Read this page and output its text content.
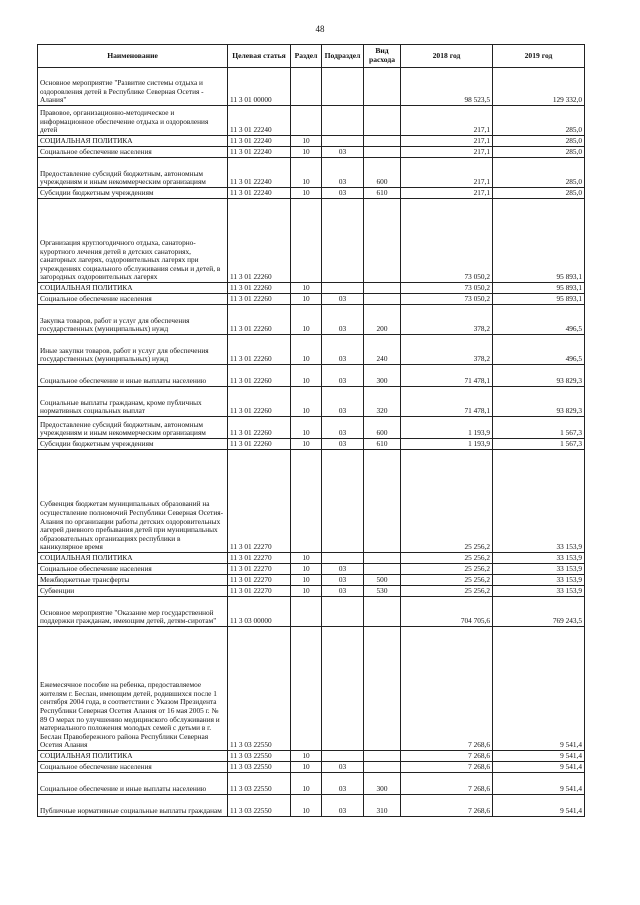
48
Наименование	Целевая статья	Раздел	Подраздел	Вид расхода	2018 год	2019 год
Основное мероприятие "Развитие системы отдыха и оздоровления детей в Республике Северная Осетия - Алания"	11 3 01 00000				98 523,5	129 332,0
Правовое, организационно-методическое и информационное обеспечение отдыха и оздоровления детей	11 3 01 22240				217,1	285,0
СОЦИАЛЬНАЯ ПОЛИТИКА	11 3 01 22240	10			217,1	285,0
Социальное обеспечение населения	11 3 01 22240	10	03		217,1	285,0
Предоставление субсидий бюджетным, автономным учреждениям и иным некоммерческим организациям	11 3 01 22240	10	03	600	217,1	285,0
Субсидии бюджетным учреждениям	11 3 01 22240	10	03	610	217,1	285,0
Организация круглогодичного отдыха, санаторно-курортного лечения детей в детских санаториях, санаторных лагерях, оздоровительных лагерях при учреждениях социального обслуживания семьи и детей, в загородных оздоровительных лагерях	11 3 01 22260				73 050,2	95 893,1
СОЦИАЛЬНАЯ ПОЛИТИКА	11 3 01 22260	10			73 050,2	95 893,1
Социальное обеспечение населения	11 3 01 22260	10	03		73 050,2	95 893,1
Закупка товаров, работ и услуг для обеспечения государственных (муниципальных) нужд	11 3 01 22260	10	03	200	378,2	496,5
Иные закупки товаров, работ и услуг для обеспечения государственных (муниципальных) нужд	11 3 01 22260	10	03	240	378,2	496,5
Социальное обеспечение и иные выплаты населению	11 3 01 22260	10	03	300	71 478,1	93 829,3
Социальные выплаты гражданам, кроме публичных нормативных социальных выплат	11 3 01 22260	10	03	320	71 478,1	93 829,3
Предоставление субсидий бюджетным, автономным учреждениям и иным некоммерческим организациям	11 3 01 22260	10	03	600	1 193,9	1 567,3
Субсидии бюджетным учреждениям	11 3 01 22260	10	03	610	1 193,9	1 567,3
Субвенция бюджетам муниципальных образований на осуществление полномочий Республики Северная Осетия-Алания по организации работы детских оздоровительных лагерей дневного пребывания детей при муниципальных образовательных организациях республики в каникулярное время	11 3 01 22270				25 256,2	33 153,9
СОЦИАЛЬНАЯ ПОЛИТИКА	11 3 01 22270	10			25 256,2	33 153,9
Социальное обеспечение населения	11 3 01 22270	10	03		25 256,2	33 153,9
Межбюджетные трансферты	11 3 01 22270	10	03	500	25 256,2	33 153,9
Субвенции	11 3 01 22270	10	03	530	25 256,2	33 153,9
Основное мероприятие "Оказание мер государственной поддержки гражданам, имеющим детей, детям-сиротам"	11 3 03 00000				704 705,6	769 243,5
Ежемесячное пособие на ребенка, предоставляемое жителям г. Беслан, имеющим детей, родившихся после 1 сентября 2004 года, в соответствии с Указом Президента Республики Северная Осетия Алания от 16 мая 2005 г. № 89 О мерах по улучшению медицинского обслуживания и материального положения молодых семей с детьми в г. Беслан Правобережного района Республики Северная Осетия Алания	11 3 03 22550				7 268,6	9 541,4
СОЦИАЛЬНАЯ ПОЛИТИКА	11 3 03 22550	10			7 268,6	9 541,4
Социальное обеспечение населения	11 3 03 22550	10	03		7 268,6	9 541,4
Социальное обеспечение и иные выплаты населению	11 3 03 22550	10	03	300	7 268,6	9 541,4
Публичные нормативные социальные выплаты гражданам	11 3 03 22550	10	03	310	7 268,6	9 541,4
